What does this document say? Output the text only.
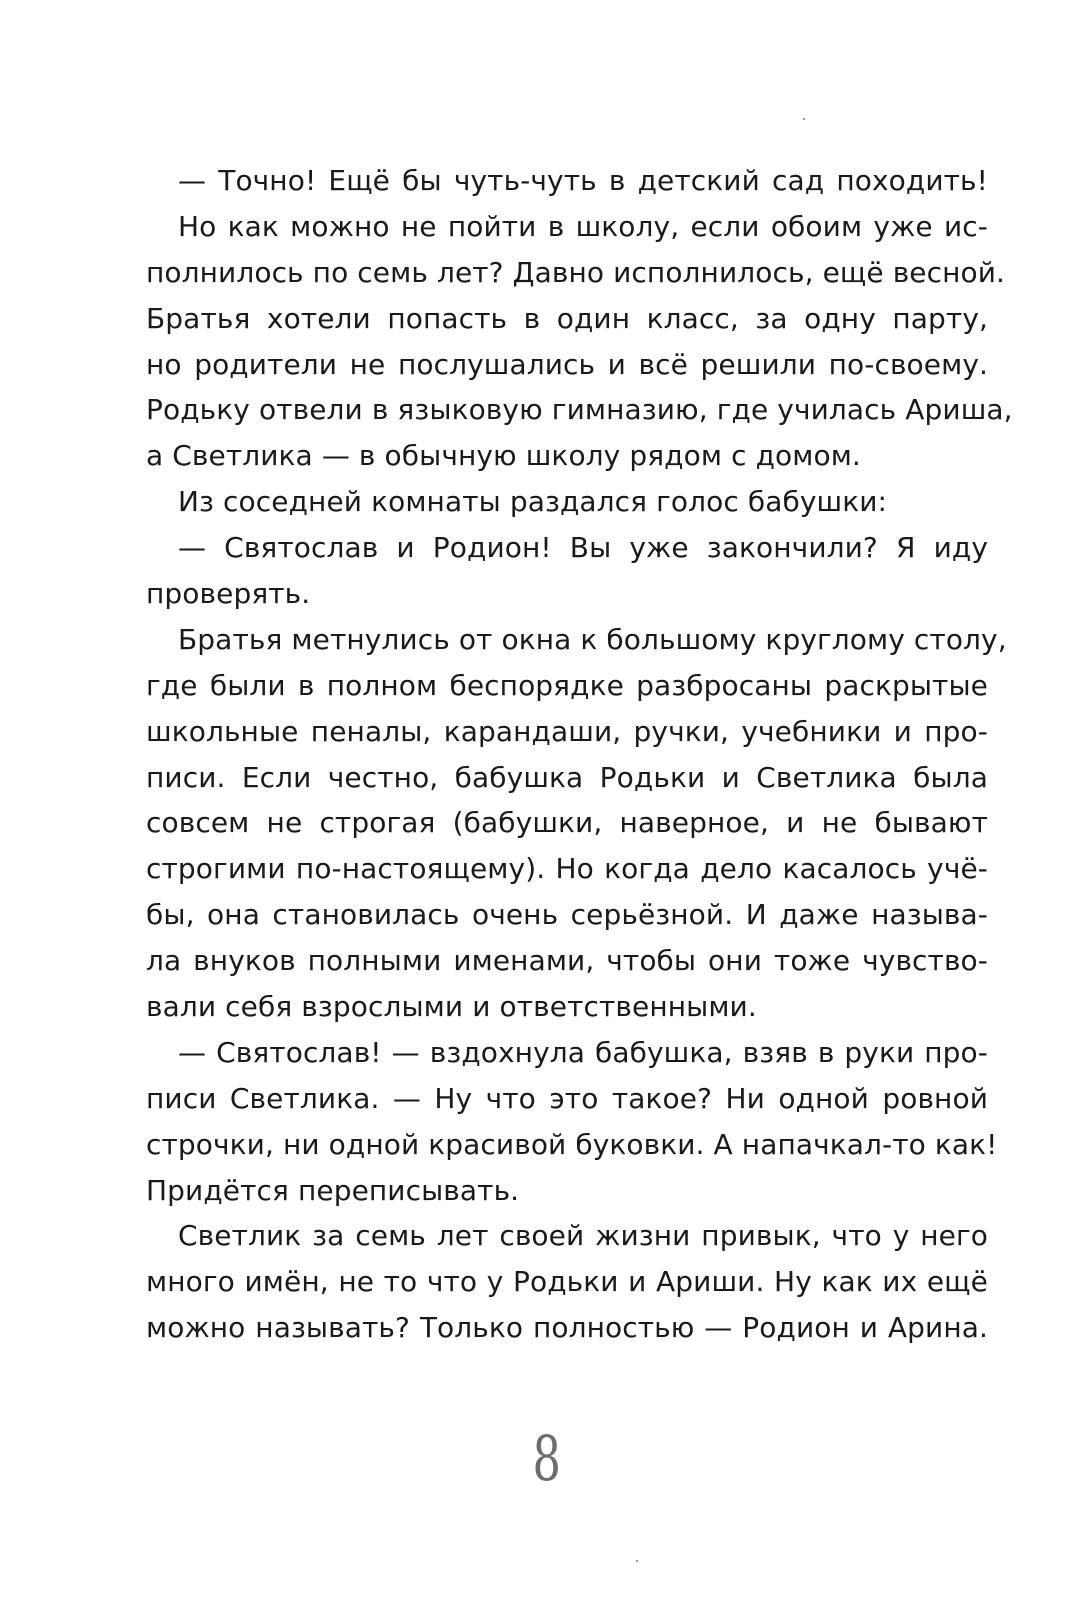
— Точно! Ещё бы чуть-чуть в детский сад походить!
Но как можно не пойти в школу, если обоим уже ис-
полнилось по семь лет? Давно исполнилось, ещё весной.
Братья хотели попасть в один класс, за одну парту,
но родители не послушались и всё решили по-своему.
Родьку отвели в языковую гимназию, где училась Ариша,
а Светлика — в обычную школу рядом с домом.
Из соседней комнаты раздался голос бабушки:
— Святослав и Родион! Вы уже закончили? Я иду
проверять.
Братья метнулись от окна к большому круглому столу,
где были в полном беспорядке разбросаны раскрытые
школьные пеналы, карандаши, ручки, учебники и про-
писи. Если честно, бабушка Родьки и Светлика была
совсем не строгая (бабушки, наверное, и не бывают
строгими по-настоящему). Но когда дело касалось учё-
бы, она становилась очень серьёзной. И даже называ-
ла внуков полными именами, чтобы они тоже чувство-
вали себя взрослыми и ответственными.
— Святослав! — вздохнула бабушка, взяв в руки про-
писи Светлика. — Ну что это такое? Ни одной ровной
строчки, ни одной красивой буковки. А напачкал-то как!
Придётся переписывать.
Светлик за семь лет своей жизни привык, что у него
много имён, не то что у Родьки и Ариши. Ну как их ещё
можно называть? Только полностью — Родион и Арина.
8
